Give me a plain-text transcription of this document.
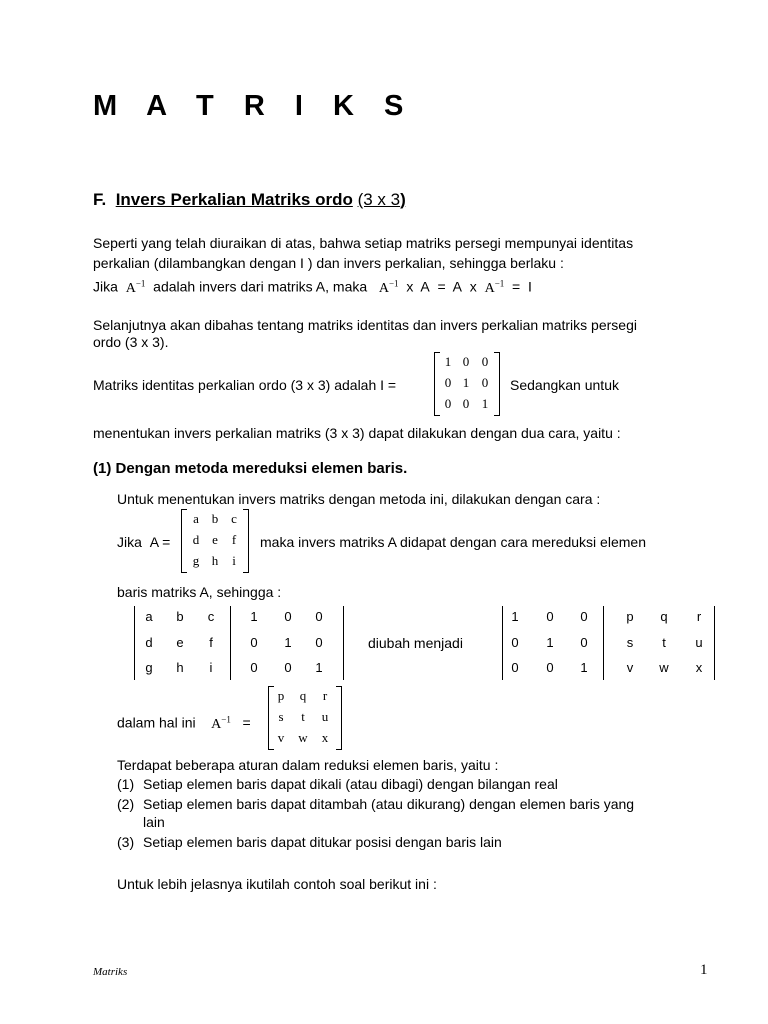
M A T R I K S
F. Invers Perkalian Matriks ordo (3 x 3)
Seperti yang telah diuraikan di atas, bahwa setiap matriks persegi mempunyai identitas
perkalian (dilambangkan dengan I ) dan invers perkalian, sehingga berlaku :
Jika $A^{-1}$ adalah invers dari matriks A, maka $A^{-1}$ x A = A x $A^{-1} = I$
Selanjutnya akan dibahas tentang matriks identitas dan invers perkalian matriks persegi
ordo (3 x 3).
Matriks identitas perkalian ordo (3 x 3) adalah I =
1 0 0
0 1 0
0 0 1
Sedangkan untuk
menentukan invers perkalian matriks (3 x 3) dapat dilakukan dengan dua cara, yaitu :
(1) Dengan metoda mereduksi elemen baris.
Untuk menentukan invers matriks dengan metoda ini, dilakukan dengan cara :
Jika A =
a b c
d e	f
g h	i
maka invers matriks A didapat dengan cara mereduksi elemen
baris matriks A, sehingga :
a	b	c	1	0	0
d	e	f	0	1	0
g	h	i	0	0	1
diubah menjadi
1	0	0	p	q	r
0	1	0	s	t	u
0	0	1	v	w	x
dalam hal ini $A^{-1}$ =
p	q	r
s	t	u
v	w	x
Terdapat beberapa aturan dalam reduksi elemen baris, yaitu :
(1) Setiap elemen baris dapat dikali (atau dibagi) dengan bilangan real
(2) Setiap elemen baris dapat ditambah (atau dikurang) dengan elemen baris yang
lain
(3) Setiap elemen baris dapat ditukar posisi dengan baris lain
Untuk lebih jelasnya ikutilah contoh soal berikut ini :
Matriks	1
